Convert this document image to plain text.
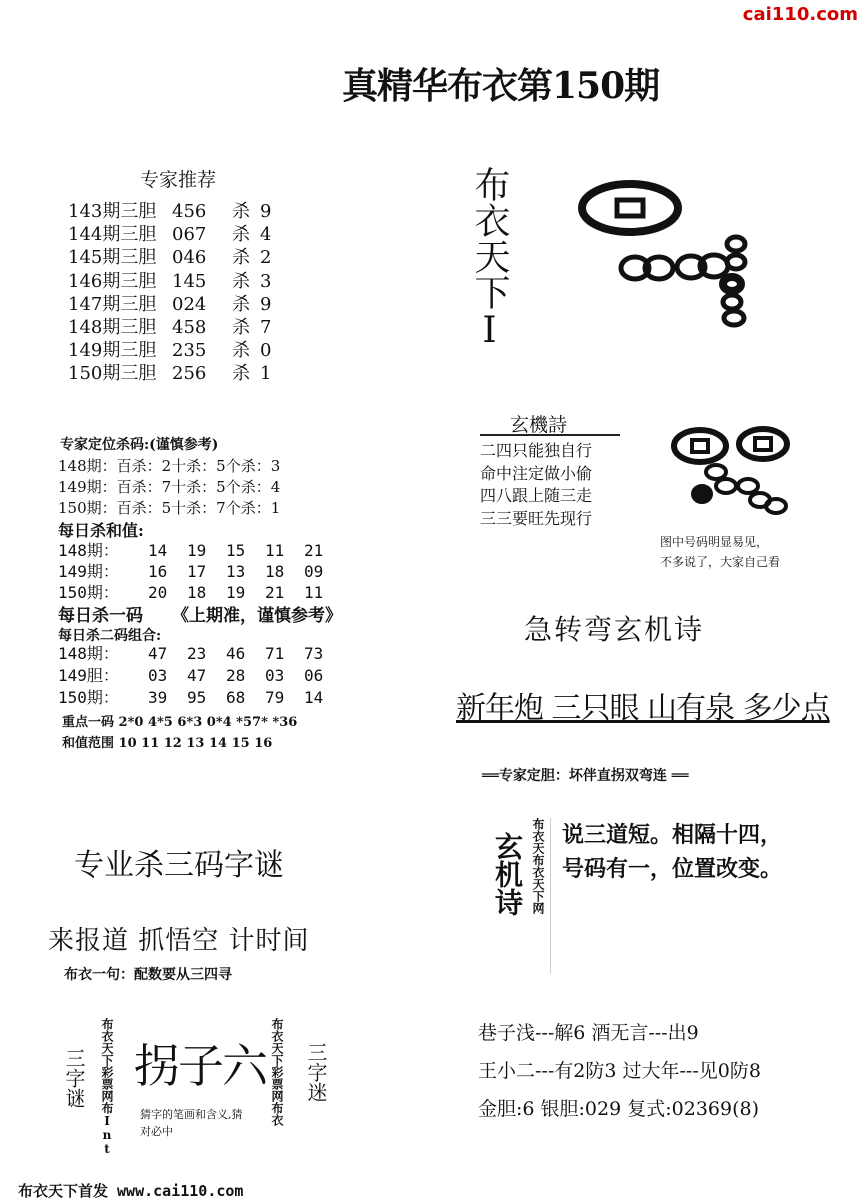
cai110.com
真精华布衣第150期
专家推荐
143期三胆 456 杀 9
144期三胆 067 杀 4
145期三胆 046 杀 2
146期三胆 145 杀 3
147期三胆 024 杀 9
148期三胆 458 杀 7
149期三胆 235 杀 0
150期三胆 256 杀 1
专家定位杀码:(谨慎参考)
148期：百杀：2十杀：5个杀：3
149期：百杀：7十杀：5个杀：4
150期：百杀：5十杀：7个杀：1
每日杀和值:
148期： 14 19 15 11 21
149期： 16 17 13 18 09
150期： 20 18 19 21 11
每日杀一码 《上期准，谨慎参考》
每日杀二码组合:
148期： 47 23 46 71 73
149胆： 03 47 28 03 06
150期： 39 95 68 79 14
重点一码 2*0 4*5 6*3 0*4 *57* *36
和值范围 10 11 12 13 14 15 16
布衣天下I
玄機詩
二四只能独自行
命中注定做小偷
四八跟上随三走
三三要旺先现行
图中号码明显易见，
不多说了，大家自己看
急转弯玄机诗
新年炮 三只眼 山有泉 多少点
══专家定胆：坏伴直拐双弯连 ══
玄机诗 布衣天布衣天下网 说三道短。相隔十四，
号码有一，位置改变。
巷子浅---解6 酒无言---出9
王小二---有2防3 过大年---见0防8
金胆:6 银胆:029 复式:02369(8)
专业杀三码字谜
来报道 抓悟空 计时间
布衣一句：配数要从三四寻
三字谜 布衣天下彩票网布Int 拐子六
猜字的笔画和含义,猜
对必中
布衣天下彩票网布衣 三字迷
布衣天下首发 www.cai110.com
